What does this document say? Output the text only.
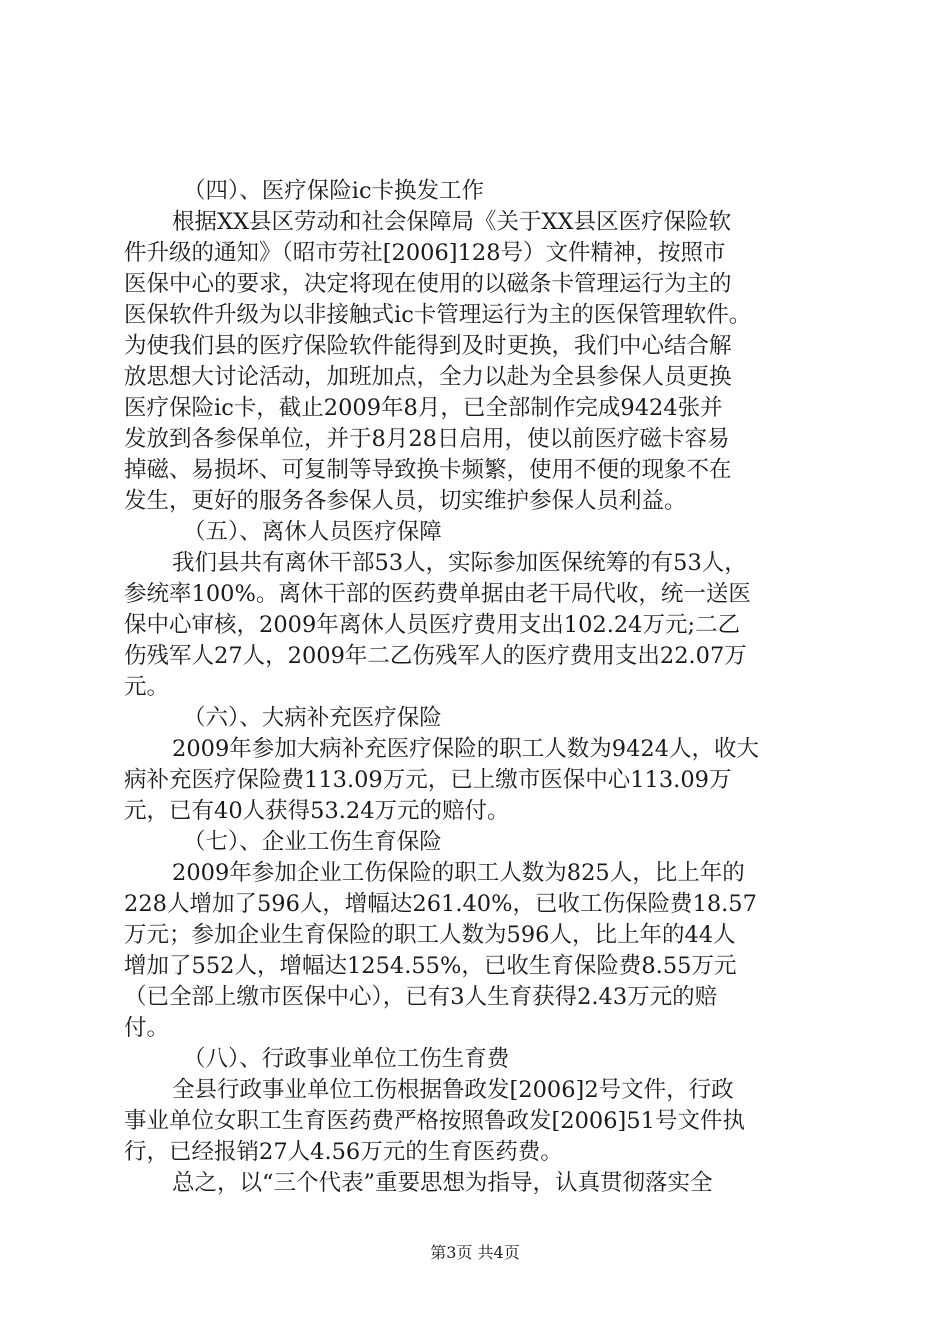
（四）、医疗保险ic卡换发工作
根据XX县区劳动和社会保障局《关于XX县区医疗保险软
件升级的通知》（昭市劳社[2006]128号）文件精神，按照市
医保中心的要求，决定将现在使用的以磁条卡管理运行为主的
医保软件升级为以非接触式ic卡管理运行为主的医保管理软件。
为使我们县的医疗保险软件能得到及时更换，我们中心结合解
放思想大讨论活动，加班加点，全力以赴为全县参保人员更换
医疗保险ic卡，截止2009年8月，已全部制作完成9424张并
发放到各参保单位，并于8月28日启用，使以前医疗磁卡容易
掉磁、易损坏、可复制等导致换卡频繁，使用不便的现象不在
发生，更好的服务各参保人员，切实维护参保人员利益。
（五）、离休人员医疗保障
我们县共有离休干部53人，实际参加医保统筹的有53人，
参统率100%。离休干部的医药费单据由老干局代收，统一送医
保中心审核，2009年离休人员医疗费用支出102.24万元;二乙
伤残军人27人，2009年二乙伤残军人的医疗费用支出22.07万
元。
（六）、大病补充医疗保险
2009年参加大病补充医疗保险的职工人数为9424人，收大
病补充医疗保险费113.09万元，已上缴市医保中心113.09万
元，已有40人获得53.24万元的赔付。
（七）、企业工伤生育保险
2009年参加企业工伤保险的职工人数为825人，比上年的
228人增加了596人，增幅达261.40%，已收工伤保险费18.57
万元；参加企业生育保险的职工人数为596人，比上年的44人
增加了552人，增幅达1254.55%，已收生育保险费8.55万元
（已全部上缴市医保中心），已有3人生育获得2.43万元的赔
付。
（八）、行政事业单位工伤生育费
全县行政事业单位工伤根据鲁政发[2006]2号文件，行政
事业单位女职工生育医药费严格按照鲁政发[2006]51号文件执
行，已经报销27人4.56万元的生育医药费。
总之，以“三个代表”重要思想为指导，认真贯彻落实全
第3页 共4页
